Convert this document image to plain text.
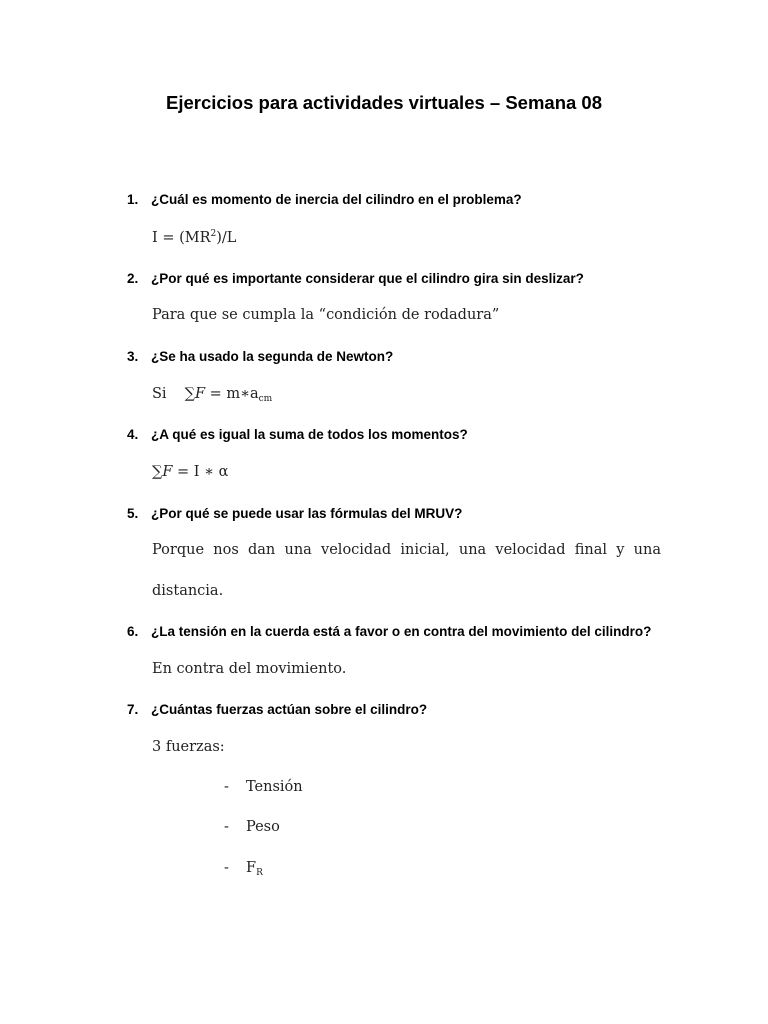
Ejercicios para actividades virtuales – Semana 08
1. ¿Cuál es momento de inercia del cilindro en el problema?
$I = (MR^2)/L$
2. ¿Por qué es importante considerar que el cilindro gira sin deslizar?
Para que se cumpla la “condición de rodadura”
3. ¿Se ha usado la segunda de Newton?
Si $\sum F = m∗a_{cm}$
4. ¿A qué es igual la suma de todos los momentos?
∑F = I ∗ α
5. ¿Por qué se puede usar las fórmulas del MRUV?
Porque nos dan una velocidad inicial, una velocidad final y una
distancia.
6. ¿La tensión en la cuerda está a favor o en contra del movimiento del cilindro?
En contra del movimiento.
7. ¿Cuántas fuerzas actúan sobre el cilindro?
3 fuerzas:
- Tensión
- Peso
- $F_R$
